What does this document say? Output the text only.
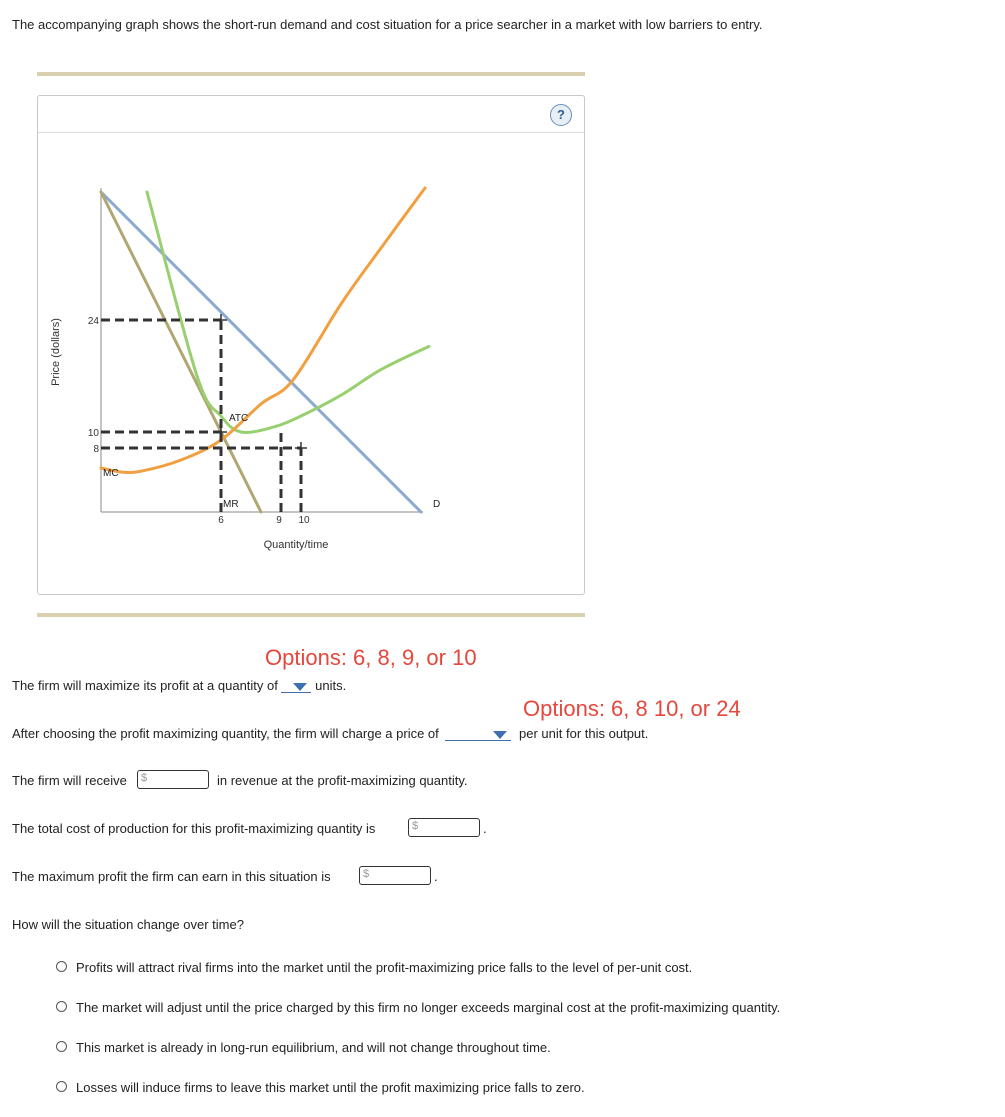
The accompanying graph shows the short-run demand and cost situation for a price searcher in a market with low barriers to entry.
?
Price (dollars)
Quantity/time
24
10
8
6	9 10
ATC
MC
MR	D
Options: 6, 8, 9, or 10
The firm will maximize its profit at a quantity of	units.
Options: 6, 8 10, or 24
After choosing the profit maximizing quantity, the firm will charge a price of	per unit for this output.
The firm will receive $	in revenue at the profit-maximizing quantity.
The total cost of production for this profit-maximizing quantity is	$	.
The maximum profit the firm can earn in this situation is	$	.
How will the situation change over time?
Profits will attract rival firms into the market until the profit-maximizing price falls to the level of per-unit cost.
The market will adjust until the price charged by this firm no longer exceeds marginal cost at the profit-maximizing quantity.
This market is already in long-run equilibrium, and will not change throughout time.
Losses will induce firms to leave this market until the profit maximizing price falls to zero.
